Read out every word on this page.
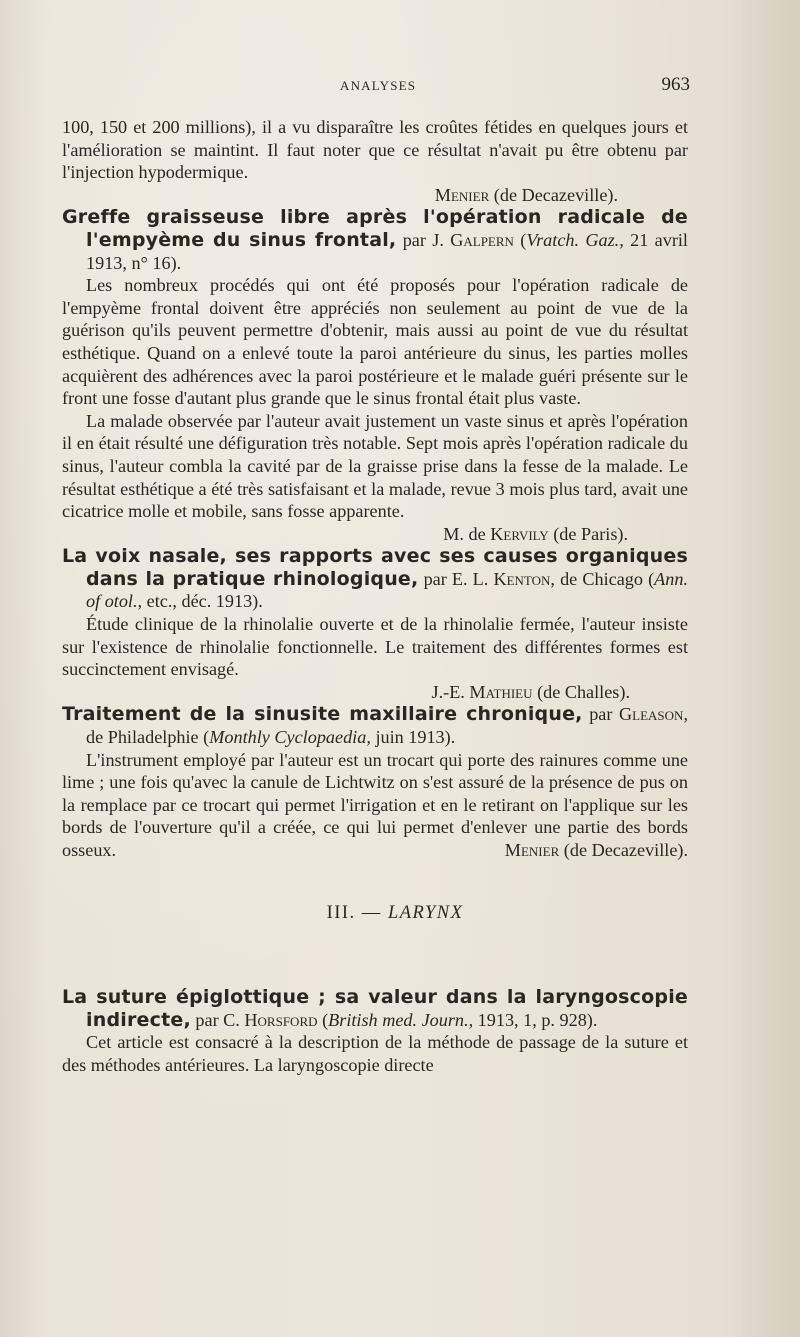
ANALYSES	963

100, 150 et 200 millions), il a vu disparaître les croûtes fétides en quelques jours et l'amélioration se maintint. Il faut noter que ce résultat n'avait pu être obtenu par l'injection hypodermique.

Menier (de Decazeville).

Greffe graisseuse libre après l'opération radicale de l'empyème du sinus frontal, par J. Galpern (Vratch. Gaz., 21 avril 1913, n° 16).

Les nombreux procédés qui ont été proposés pour l'opération radicale de l'empyème frontal doivent être appréciés non seulement au point de vue de la guérison qu'ils peuvent permettre d'obtenir, mais aussi au point de vue du résultat esthétique. Quand on a enlevé toute la paroi antérieure du sinus, les parties molles acquièrent des adhérences avec la paroi postérieure et le malade guéri présente sur le front une fosse d'autant plus grande que le sinus frontal était plus vaste.

La malade observée par l'auteur avait justement un vaste sinus et après l'opération il en était résulté une défiguration très notable. Sept mois après l'opération radicale du sinus, l'auteur combla la cavité par de la graisse prise dans la fesse de la malade. Le résultat esthétique a été très satisfaisant et la malade, revue 3 mois plus tard, avait une cicatrice molle et mobile, sans fosse apparente.

M. de Kervily (de Paris).

La voix nasale, ses rapports avec ses causes organiques dans la pratique rhinologique, par E. L. Kenton, de Chicago (Ann. of otol., etc., déc. 1913).

Étude clinique de la rhinolalie ouverte et de la rhinolalie fermée, l'auteur insiste sur l'existence de rhinolalie fonctionnelle. Le traitement des différentes formes est succinctement envisagé.

J.-E. Mathieu (de Challes).

Traitement de la sinusite maxillaire chronique, par Gleason, de Philadelphie (Monthly Cyclopaedia, juin 1913).

L'instrument employé par l'auteur est un trocart qui porte des rainures comme une lime ; une fois qu'avec la canule de Lichtwitz on s'est assuré de la présence de pus on la remplace par ce trocart qui permet l'irrigation et en le retirant on l'applique sur les bords de l'ouverture qu'il a créée, ce qui lui permet d'enlever une partie des bords osseux.	Menier (de Decazeville).

III. — LARYNX

La suture épiglottique ; sa valeur dans la laryngoscopie indirecte, par C. Horsford (British med. Journ., 1913, 1, p. 928).

Cet article est consacré à la description de la méthode de passage de la suture et des méthodes antérieures. La laryngoscopie directe
